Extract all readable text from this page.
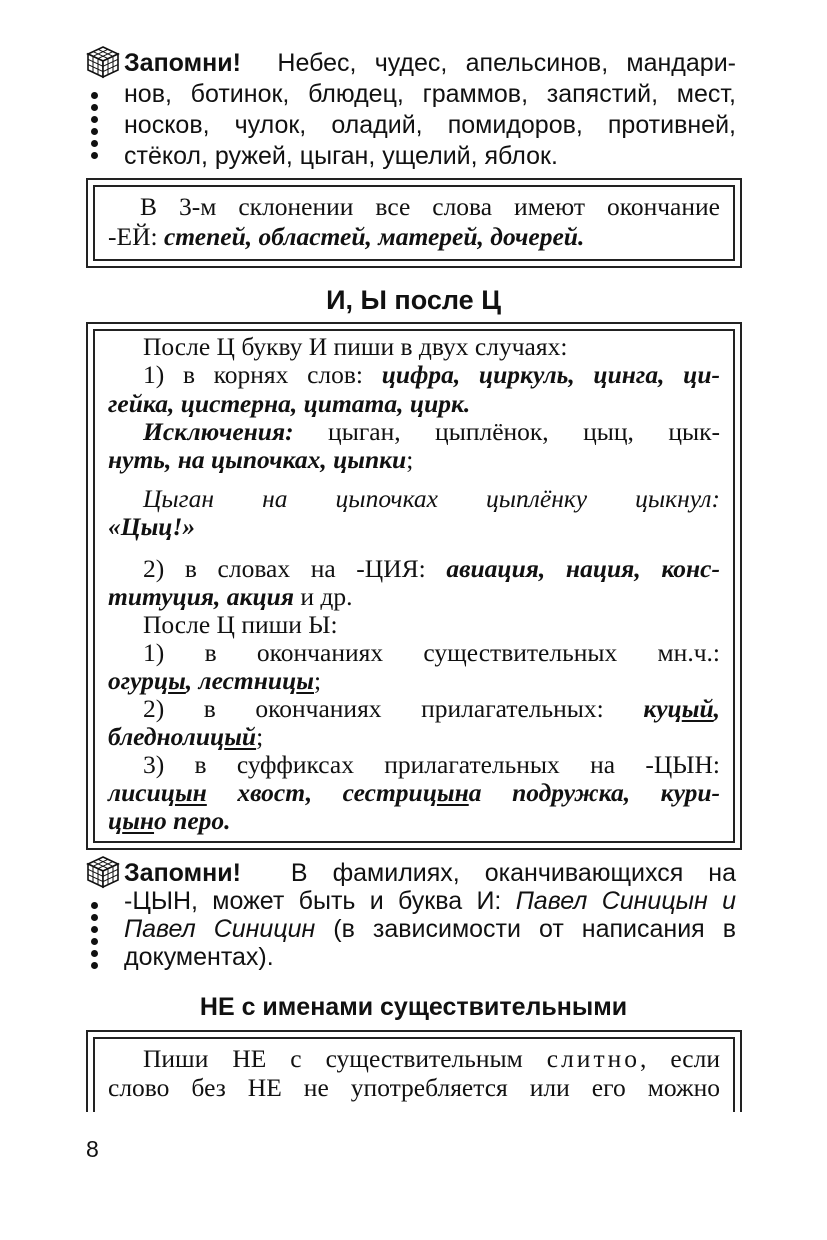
Запомни! Небес, чудес, апельсинов, мандари-
нов, ботинок, блюдец, граммов, запястий, мест,
носков, чулок, оладий, помидоров, противней,
стёкол, ружей, цыган, ущелий, яблок.
В 3-м склонении все слова имеют окончание
-ЕЙ: степей, областей, матерей, дочерей.
И, Ы после Ц
После Ц букву И пиши в двух случаях:
1) в корнях слов: цифра, циркуль, цинга, ци-
гейка, цистерна, цитата, цирк.
Исключения: цыган, цыплёнок, цыц, цык-
нуть, на цыпочках, цыпки;
Цыган на цыпочках цыплёнку цыкнул:
«Цыц!»
2) в словах на -ЦИЯ: авиация, нация, конс-
титуция, акция и др.
После Ц пиши Ы:
1) в окончаниях существительных мн.ч.:
огурцы, лестницы;
2) в окончаниях прилагательных: куцый,
бледнолицый;
3) в суффиксах прилагательных на -ЦЫН:
лисицын хвост, сестрицына подружка, кури-
цыно перо.
Запомни! В фамилиях, оканчивающихся на
-ЦЫН, может быть и буква И: Павел Синицын и
Павел Синицин (в зависимости от написания в
документах).
НЕ с именами существительными
Пиши НЕ с существительным слитно, если
слово без НЕ не употребляется или его можно
8
